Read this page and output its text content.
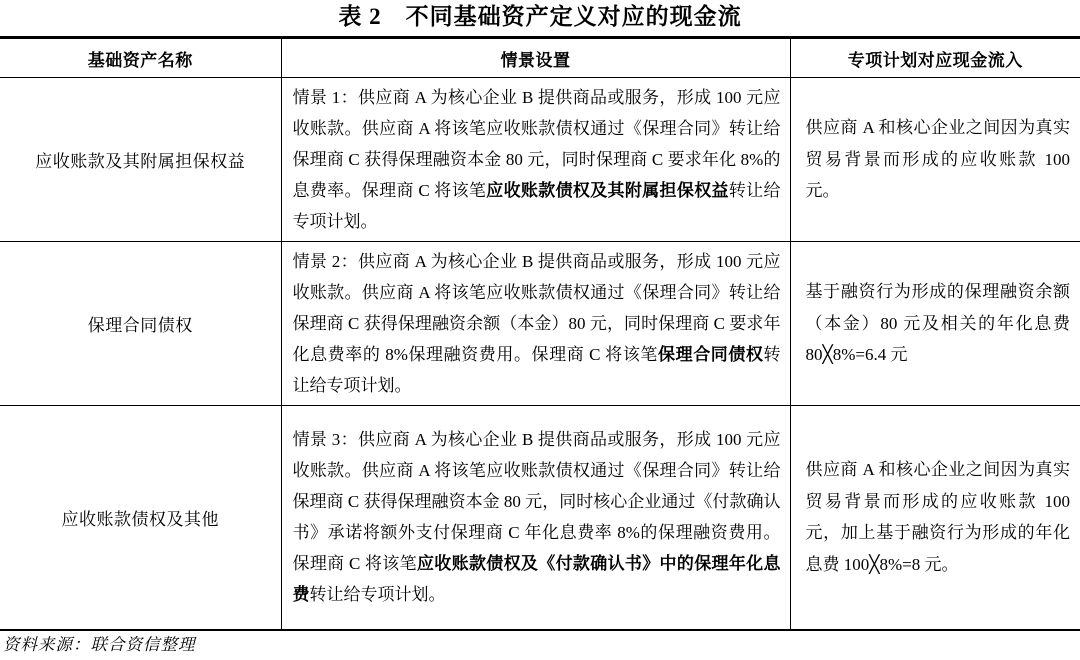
表 2　不同基础资产定义对应的现金流
基础资产名称	情景设置	专项计划对应现金流入
应收账款及其附属担保权益	情景 1：供应商 A 为核心企业 B 提供商品或服务，形成 100 元应收账款。供应商 A 将该笔应收账款债权通过《保理合同》转让给保理商 C 获得保理融资本金 80 元，同时保理商 C 要求年化 8%的息费率。保理商 C 将该笔应收账款债权及其附属担保权益转让给专项计划。	供应商 A 和核心企业之间因为真实贸易背景而形成的应收账款 100 元。
保理合同债权	情景 2：供应商 A 为核心企业 B 提供商品或服务，形成 100 元应收账款。供应商 A 将该笔应收账款债权通过《保理合同》转让给保理商 C 获得保理融资余额（本金）80 元，同时保理商 C 要求年化息费率的 8%保理融资费用。保理商 C 将该笔保理合同债权转让给专项计划。	基于融资行为形成的保理融资余额（本金）80 元及相关的年化息费 80╳8%=6.4 元
应收账款债权及其他	情景 3：供应商 A 为核心企业 B 提供商品或服务，形成 100 元应收账款。供应商 A 将该笔应收账款债权通过《保理合同》转让给保理商 C 获得保理融资本金 80 元，同时核心企业通过《付款确认书》承诺将额外支付保理商 C 年化息费率 8%的保理融资费用。保理商 C 将该笔应收账款债权及《付款确认书》中的保理年化息费转让给专项计划。	供应商 A 和核心企业之间因为真实贸易背景而形成的应收账款 100 元，加上基于融资行为形成的年化息费 100╳8%=8 元。
资料来源：联合资信整理
